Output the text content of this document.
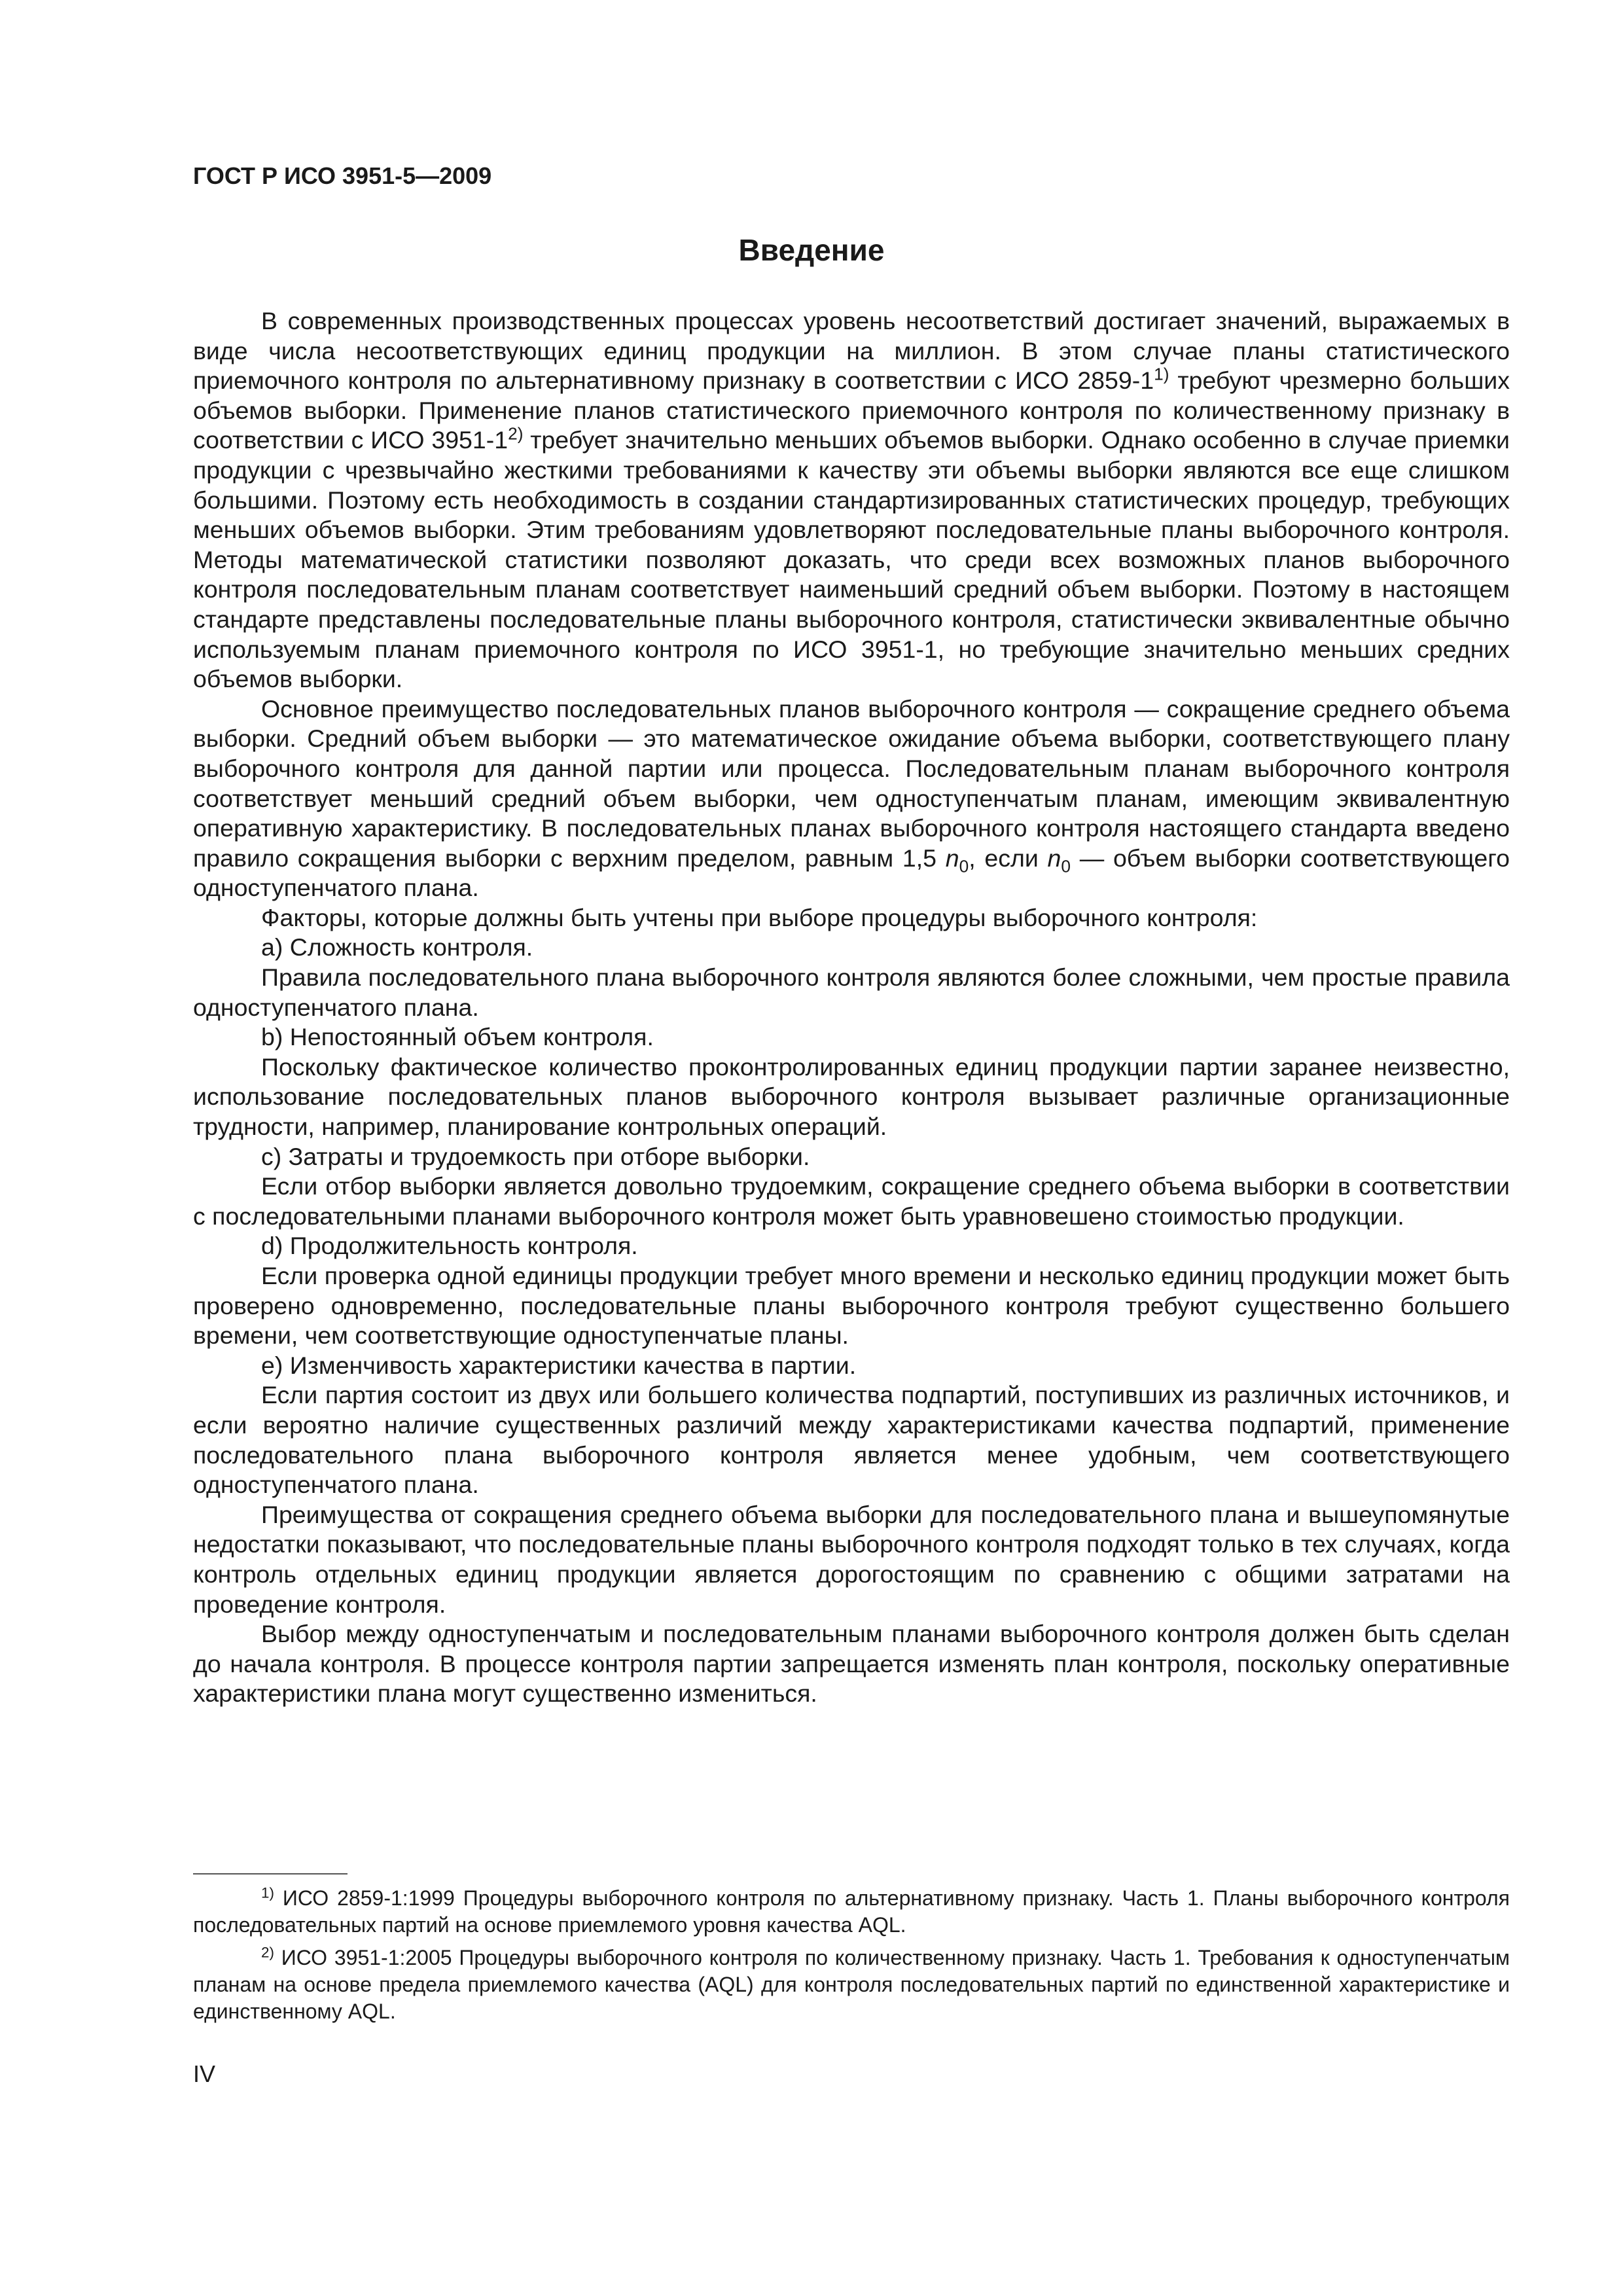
ГОСТ Р ИСО 3951-5—2009
Введение

В современных производственных процессах уровень несоответствий достигает значений, выражаемых в виде числа несоответствующих единиц продукции на миллион. В этом случае планы статистического приемочного контроля по альтернативному признаку в соответствии с ИСО 2859-1$^{1)}$ требуют чрезмерно больших объемов выборки. Применение планов статистического приемочного контроля по количественному признаку в соответствии с ИСО 3951-1$^{2)}$ требует значительно меньших объемов выборки. Однако особенно в случае приемки продукции с чрезвычайно жесткими требованиями к качеству эти объемы выборки являются все еще слишком большими. Поэтому есть необходимость в создании стандартизированных статистических процедур, требующих меньших объемов выборки. Этим требованиям удовлетворяют последовательные планы выборочного контроля. Методы математической статистики позволяют доказать, что среди всех возможных планов выборочного контроля последовательным планам соответствует наименьший средний объем выборки. Поэтому в настоящем стандарте представлены последовательные планы выборочного контроля, статистически эквивалентные обычно используемым планам приемочного контроля по ИСО 3951-1, но требующие значительно меньших средних объемов выборки.

Основное преимущество последовательных планов выборочного контроля — сокращение среднего объема выборки. Средний объем выборки — это математическое ожидание объема выборки, соответствующего плану выборочного контроля для данной партии или процесса. Последовательным планам выборочного контроля соответствует меньший средний объем выборки, чем одноступенчатым планам, имеющим эквивалентную оперативную характеристику. В последовательных планах выборочного контроля настоящего стандарта введено правило сокращения выборки с верхним пределом, равным 1,5 $n_0$, если $n_0$ — объем выборки соответствующего одноступенчатого плана.

Факторы, которые должны быть учтены при выборе процедуры выборочного контроля:

a) Сложность контроля.

Правила последовательного плана выборочного контроля являются более сложными, чем простые правила одноступенчатого плана.

b) Непостоянный объем контроля.

Поскольку фактическое количество проконтролированных единиц продукции партии заранее неизвестно, использование последовательных планов выборочного контроля вызывает различные организационные трудности, например, планирование контрольных операций.

c) Затраты и трудоемкость при отборе выборки.

Если отбор выборки является довольно трудоемким, сокращение среднего объема выборки в соответствии с последовательными планами выборочного контроля может быть уравновешено стоимостью продукции.

d) Продолжительность контроля.

Если проверка одной единицы продукции требует много времени и несколько единиц продукции может быть проверено одновременно, последовательные планы выборочного контроля требуют существенно большего времени, чем соответствующие одноступенчатые планы.

e) Изменчивость характеристики качества в партии.

Если партия состоит из двух или большего количества подпартий, поступивших из различных источников, и если вероятно наличие существенных различий между характеристиками качества подпартий, применение последовательного плана выборочного контроля является менее удобным, чем соответствующего одноступенчатого плана.

Преимущества от сокращения среднего объема выборки для последовательного плана и вышеупомянутые недостатки показывают, что последовательные планы выборочного контроля подходят только в тех случаях, когда контроль отдельных единиц продукции является дорогостоящим по сравнению с общими затратами на проведение контроля.

Выбор между одноступенчатым и последовательным планами выборочного контроля должен быть сделан до начала контроля. В процессе контроля партии запрещается изменять план контроля, поскольку оперативные характеристики плана могут существенно измениться.

$^{1)}$ ИСО 2859-1:1999 Процедуры выборочного контроля по альтернативному признаку. Часть 1. Планы выборочного контроля последовательных партий на основе приемлемого уровня качества AQL.

$^{2)}$ ИСО 3951-1:2005 Процедуры выборочного контроля по количественному признаку. Часть 1. Требования к одноступенчатым планам на основе предела приемлемого качества (AQL) для контроля последовательных партий по единственной характеристике и единственному AQL.

IV
